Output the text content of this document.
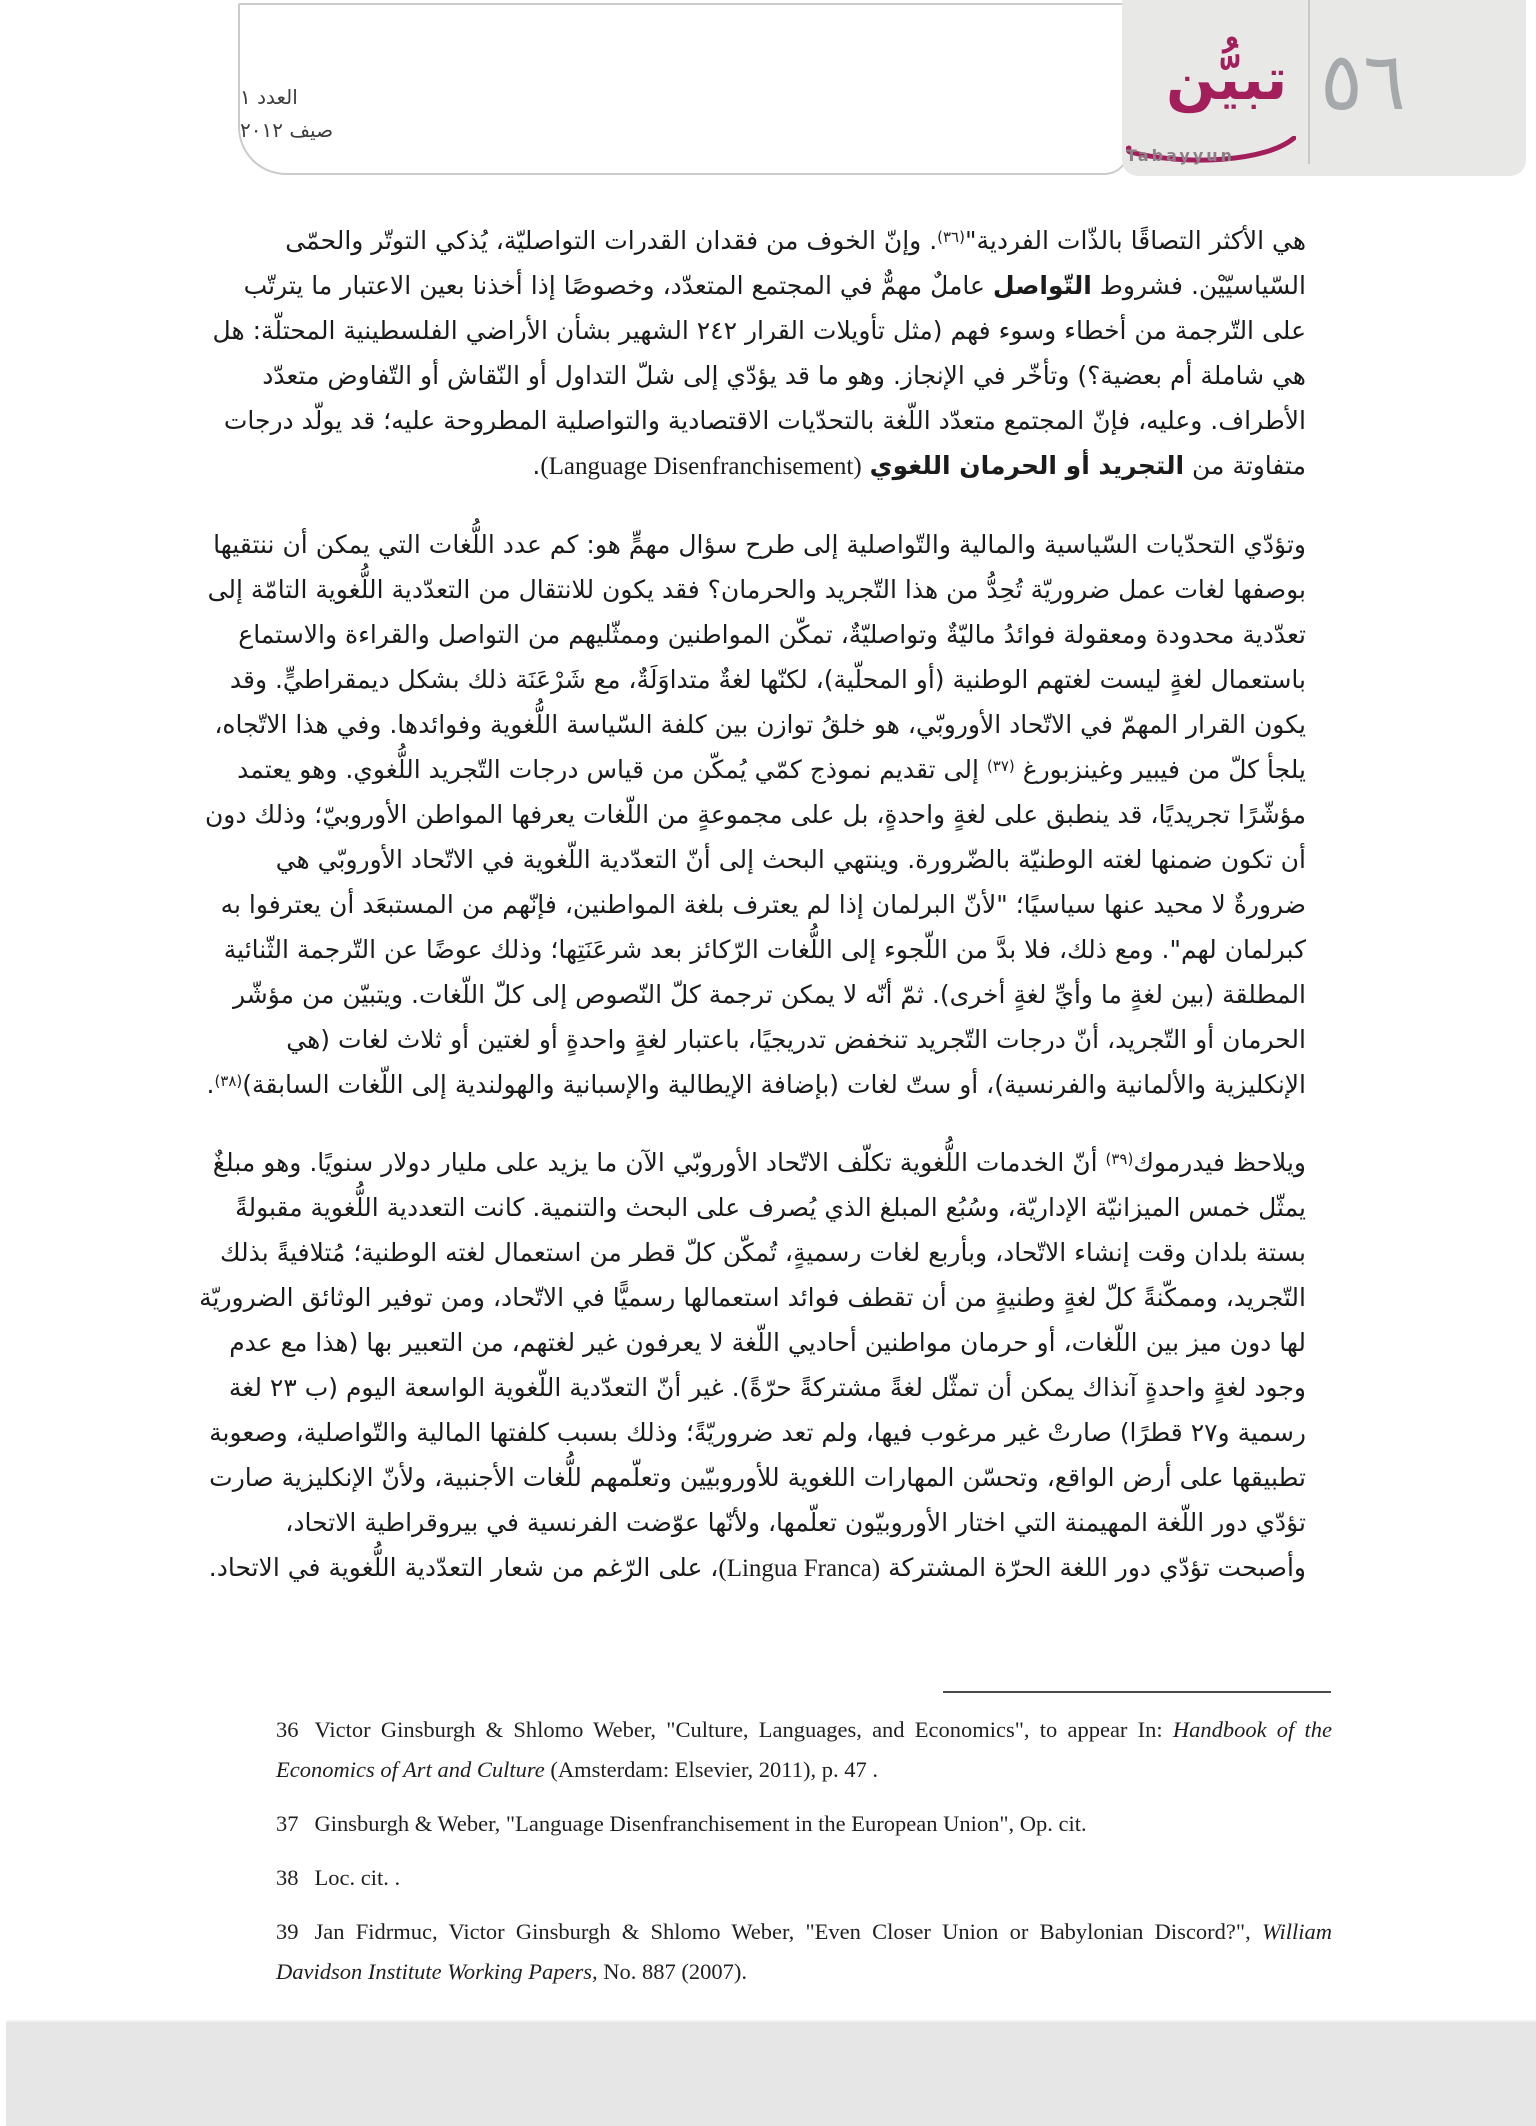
العدد ١
صيف ٢٠١٢
تبيُّن
Tabayyun
٥٦

هي الأكثر التصاقًا بالذّات الفردية"$^{(٣٦)}$. وإنّ الخوف من فقدان القدرات التواصليّة، يُذكي التوتّر والحمّى السّياسيّيْن. فشروط التّواصل عاملٌ مهمٌّ في المجتمع المتعدّد، وخصوصًا إذا أخذنا بعين الاعتبار ما يترتّب على التّرجمة من أخطاء وسوء فهم (مثل تأويلات القرار ٢٤٢ الشهير بشأن الأراضي الفلسطينية المحتلّة: هل هي شاملة أم بعضية؟) وتأخّر في الإنجاز. وهو ما قد يؤدّي إلى شلّ التداول أو النّقاش أو التّفاوض متعدّد الأطراف. وعليه، فإنّ المجتمع متعدّد اللّغة بالتحدّيات الاقتصادية والتواصلية المطروحة عليه؛ قد يولّد درجات متفاوتة من التجريد أو الحرمان اللغوي (Language Disenfranchisement).

وتؤدّي التحدّيات السّياسية والمالية والتّواصلية إلى طرح سؤال مهمٍّ هو: كم عدد اللُّغات التي يمكن أن ننتقيها بوصفها لغات عمل ضروريّة تُحِدُّ من هذا التّجريد والحرمان؟ فقد يكون للانتقال من التعدّدية اللُّغوية التامّة إلى تعدّدية محدودة ومعقولة فوائدُ ماليّةٌ وتواصليّةٌ، تمكّن المواطنين وممثّليهم من التواصل والقراءة والاستماع باستعمال لغةٍ ليست لغتهم الوطنية (أو المحلّية)، لكنّها لغةٌ متداوَلَةٌ، مع شَرْعَنَة ذلك بشكل ديمقراطيٍّ. وقد يكون القرار المهمّ في الاتّحاد الأوروبّي، هو خلقُ توازن بين كلفة السّياسة اللُّغوية وفوائدها. وفي هذا الاتّجاه، يلجأ كلّ من فيبير وغينزبورغ $^{(٣٧)}$ إلى تقديم نموذج كمّي يُمكّن من قياس درجات التّجريد اللُّغوي. وهو يعتمد مؤشّرًا تجريديًا، قد ينطبق على لغةٍ واحدةٍ، بل على مجموعةٍ من اللّغات يعرفها المواطن الأوروبيّ؛ وذلك دون أن تكون ضمنها لغته الوطنيّة بالضّرورة. وينتهي البحث إلى أنّ التعدّدية اللّغوية في الاتّحاد الأوروبّي هي ضرورةٌ لا محيد عنها سياسيًا؛ "لأنّ البرلمان إذا لم يعترف بلغة المواطنين، فإنّهم من المستبعَد أن يعترفوا به كبرلمان لهم". ومع ذلك، فلا بدَّ من اللّجوء إلى اللُّغات الرّكائز بعد شرعَنَتِها؛ وذلك عوضًا عن التّرجمة الثّنائية المطلقة (بين لغةٍ ما وأيِّ لغةٍ أخرى). ثمّ أنّه لا يمكن ترجمة كلّ النّصوص إلى كلّ اللّغات. ويتبيّن من مؤشّر الحرمان أو التّجريد، أنّ درجات التّجريد تنخفض تدريجيًا، باعتبار لغةٍ واحدةٍ أو لغتين أو ثلاث لغات (هي الإنكليزية والألمانية والفرنسية)، أو ستّ لغات (بإضافة الإيطالية والإسبانية والهولندية إلى اللّغات السابقة)$^{(٣٨)}$.

ويلاحظ فيدرموك$^{(٣٩)}$ أنّ الخدمات اللُّغوية تكلّف الاتّحاد الأوروبّي الآن ما يزيد على مليار دولار سنويًا. وهو مبلغٌ يمثّل خمس الميزانيّة الإداريّة، وسُبُع المبلغ الذي يُصرف على البحث والتنمية. كانت التعددية اللُّغوية مقبولةً بستة بلدان وقت إنشاء الاتّحاد، وبأربع لغات رسميةٍ، تُمكّن كلّ قطر من استعمال لغته الوطنية؛ مُتلافيةً بذلك التّجريد، وممكّنةً كلّ لغةٍ وطنيةٍ من أن تقطف فوائد استعمالها رسميًّا في الاتّحاد، ومن توفير الوثائق الضروريّة لها دون ميز بين اللّغات، أو حرمان مواطنين أحاديي اللّغة لا يعرفون غير لغتهم، من التعبير بها (هذا مع عدم وجود لغةٍ واحدةٍ آنذاك يمكن أن تمثّل لغةً مشتركةً حرّةً). غير أنّ التعدّدية اللّغوية الواسعة اليوم (ب ٢٣ لغة رسمية و٢٧ قطرًا) صارتْ غير مرغوب فيها، ولم تعد ضروريّةً؛ وذلك بسبب كلفتها المالية والتّواصلية، وصعوبة تطبيقها على أرض الواقع، وتحسّن المهارات اللغوية للأوروبيّين وتعلّمهم للُّغات الأجنبية، ولأنّ الإنكليزية صارت تؤدّي دور اللّغة المهيمنة التي اختار الأوروبيّون تعلّمها، ولأنّها عوّضت الفرنسية في بيروقراطية الاتحاد، وأصبحت تؤدّي دور اللغة الحرّة المشتركة (Lingua Franca)، على الرّغم من شعار التعدّدية اللُّغوية في الاتحاد.

36 Victor Ginsburgh & Shlomo Weber, "Culture, Languages, and Economics", to appear In: Handbook of the Economics of Art and Culture (Amsterdam: Elsevier, 2011), p. 47 .
37 Ginsburgh & Weber, "Language Disenfranchisement in the European Union", Op. cit.
38 Loc. cit. .
39 Jan Fidrmuc, Victor Ginsburgh & Shlomo Weber, "Even Closer Union or Babylonian Discord?", William Davidson Institute Working Papers, No. 887 (2007).
